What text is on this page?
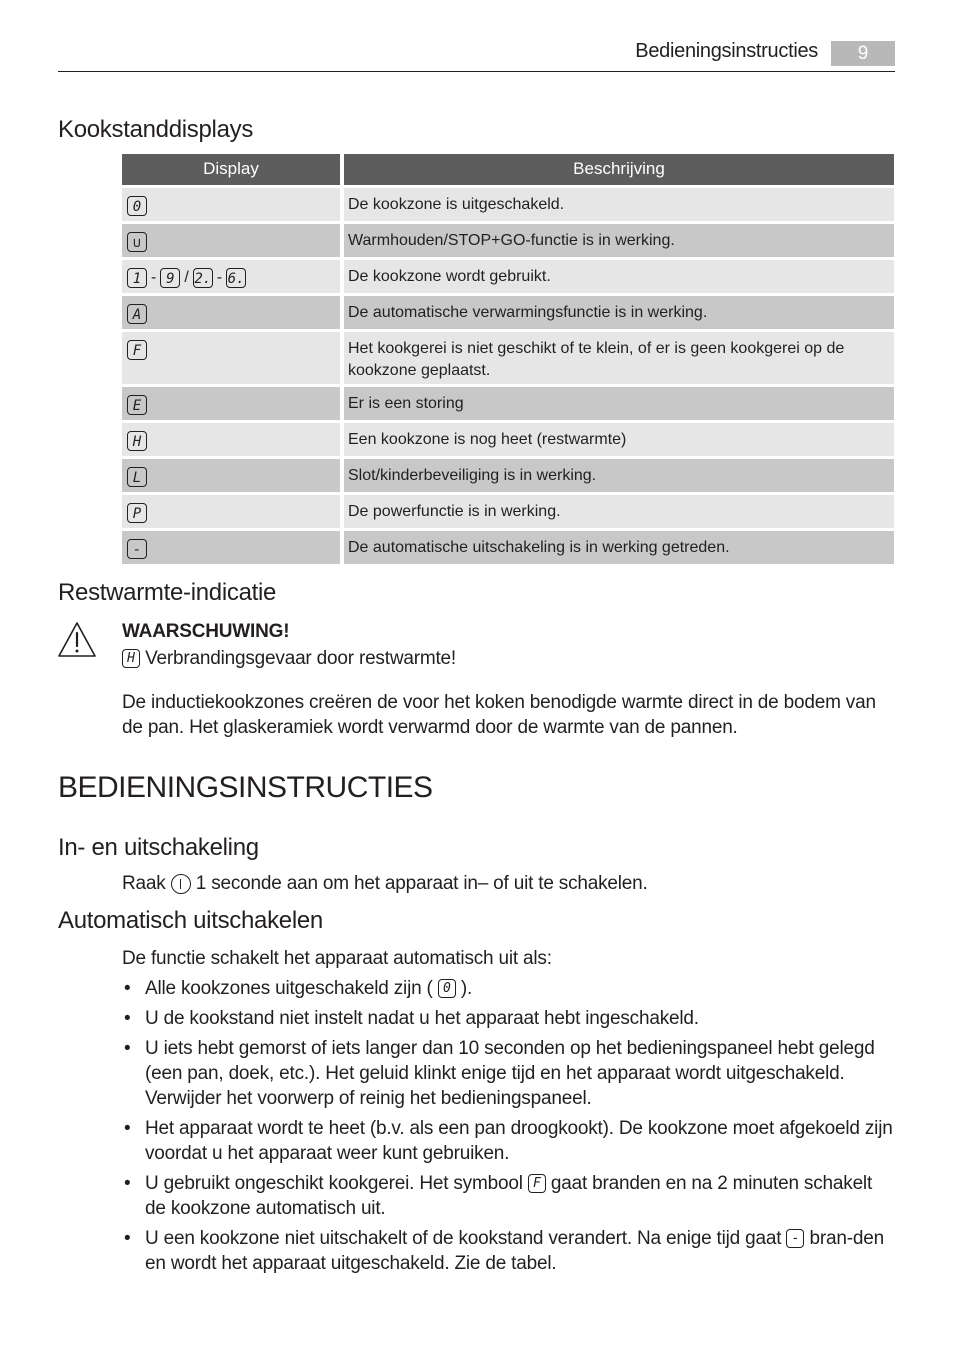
Bedieningsinstructies	9
Kookstanddisplays
Display	Beschrijving
0	De kookzone is uitgeschakeld.
∪	Warmhouden/STOP+GO-functie is in werking.
1 - 9 / 2. - 6.	De kookzone wordt gebruikt.
A	De automatische verwarmingsfunctie is in werking.
F	Het kookgerei is niet geschikt of te klein, of er is geen kookgerei op de kookzone geplaatst.
E	Er is een storing
H	Een kookzone is nog heet (restwarmte)
L	Slot/kinderbeveiliging is in werking.
P	De powerfunctie is in werking.
-	De automatische uitschakeling is in werking getreden.
Restwarmte-indicatie
WAARSCHUWING!
H Verbrandingsgevaar door restwarmte!
De inductiekookzones creëren de voor het koken benodigde warmte direct in de bodem van de pan. Het glaskeramiek wordt verwarmd door de warmte van de pannen.
BEDIENINGSINSTRUCTIES
In- en uitschakeling
Raak 1 seconde aan om het apparaat in– of uit te schakelen.
Automatisch uitschakelen
De functie schakelt het apparaat automatisch uit als:
• Alle kookzones uitgeschakeld zijn ( 0 ).
• U de kookstand niet instelt nadat u het apparaat hebt ingeschakeld.
• U iets hebt gemorst of iets langer dan 10 seconden op het bedieningspaneel hebt gelegd (een pan, doek, etc.). Het geluid klinkt enige tijd en het apparaat wordt uitgeschakeld. Verwijder het voorwerp of reinig het bedieningspaneel.
• Het apparaat wordt te heet (b.v. als een pan droogkookt). De kookzone moet afgekoeld zijn voordat u het apparaat weer kunt gebruiken.
• U gebruikt ongeschikt kookgerei. Het symbool F gaat branden en na 2 minuten schakelt de kookzone automatisch uit.
• U een kookzone niet uitschakelt of de kookstand verandert. Na enige tijd gaat - bran-den en wordt het apparaat uitgeschakeld. Zie de tabel.
